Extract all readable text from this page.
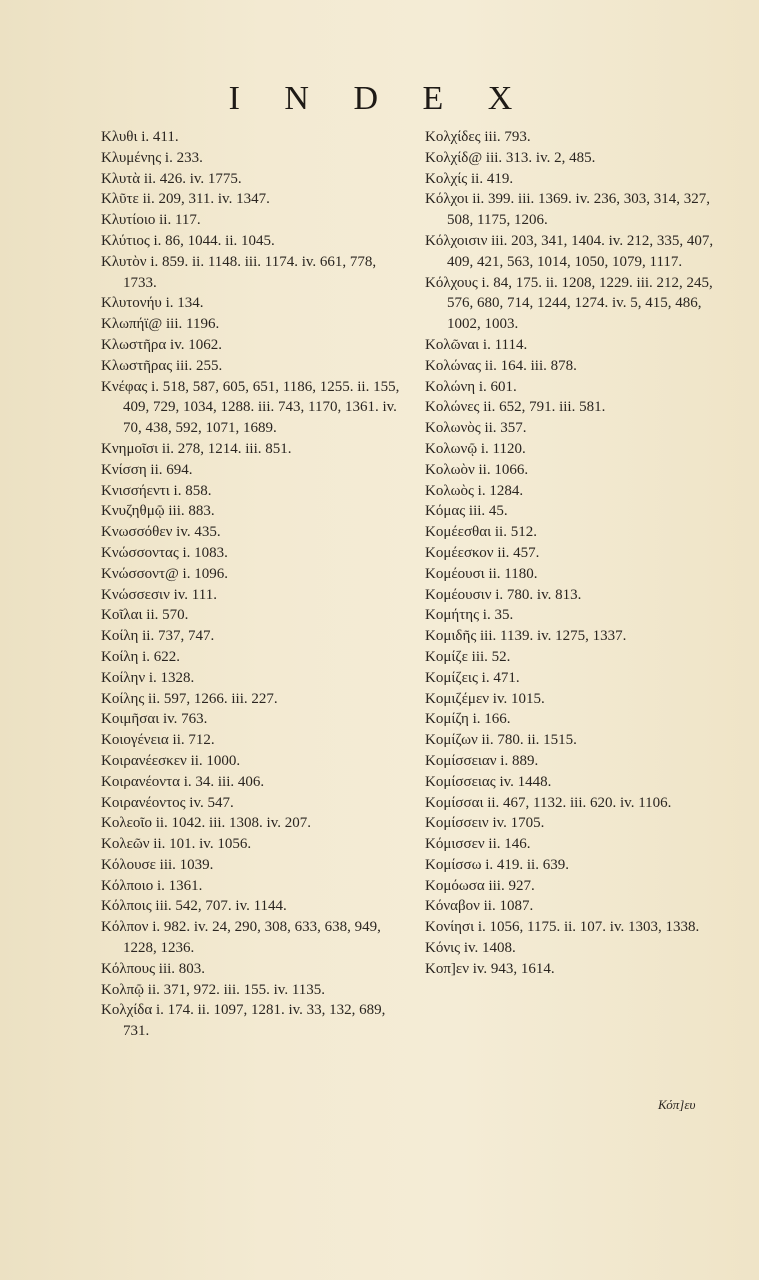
I N D E X

Κλυθι i. 411.

Κλυμένης i. 233.

Κλυτὰ ii. 426. iv. 1775.

Κλῦτε ii. 209, 311. iv. 1347.

Κλυτίοιο ii. 117.

Κλύτιος i. 86, 1044. ii. 1045.

Κλυτὸν i. 859. ii. 1148. iii. 1174. iv. 661, 778, 1733.

Κλυτονήυ i. 134.

Κλωπήϊ@ iii. 1196.

Κλωστῆρα iv. 1062.

Κλωστῆρας iii. 255.

Κνέφας i. 518, 587, 605, 651, 1186, 1255. ii. 155, 409, 729, 1034, 1288. iii. 743, 1170, 1361. iv. 70, 438, 592, 1071, 1689.

Κνημοῖσι ii. 278, 1214. iii. 851.

Κνίσση ii. 694.

Κνισσήεντι i. 858.

Κνυζηθμῷ iii. 883.

Κνωσσόθεν iv. 435.

Κνώσσοντας i. 1083.

Κνώσσοντ@ i. 1096.

Κνώσσεσιν iv. 111.

Κοῖλαι ii. 570.

Κοίλη ii. 737, 747.

Κοίλη i. 622.

Κοίλην i. 1328.

Κοίλης ii. 597, 1266. iii. 227.

Κοιμῆσαι iv. 763.

Κοιογένεια ii. 712.

Κοιρανέεσκεν ii. 1000.

Κοιρανέοντα i. 34. iii. 406.

Κοιρανέοντος iv. 547.

Κολεοῖο ii. 1042. iii. 1308. iv. 207.

Κολεῶν ii. 101. iv. 1056.

Κόλουσε iii. 1039.

Κόλποιο i. 1361.

Κόλποις iii. 542, 707. iv. 1144.

Κόλπον i. 982. iv. 24, 290, 308, 633, 638, 949, 1228, 1236.

Κόλπους iii. 803.

Κολπῷ ii. 371, 972. iii. 155. iv. 1135.

Κολχίδα i. 174. ii. 1097, 1281. iv. 33, 132, 689, 731.

Κολχίδες iii. 793.

Κολχίδ@ iii. 313. iv. 2, 485.

Κολχίς ii. 419.

Κόλχοι ii. 399. iii. 1369. iv. 236, 303, 314, 327, 508, 1175, 1206.

Κόλχοισιν iii. 203, 341, 1404. iv. 212, 335, 407, 409, 421, 563, 1014, 1050, 1079, 1117.

Κόλχους i. 84, 175. ii. 1208, 1229. iii. 212, 245, 576, 680, 714, 1244, 1274. iv. 5, 415, 486, 1002, 1003.

Κολῶναι i. 1114.

Κολώνας ii. 164. iii. 878.

Κολώνη i. 601.

Κολώνες ii. 652, 791. iii. 581.

Κολωνὸς ii. 357.

Κολωνῷ i. 1120.

Κολωὸν ii. 1066.

Κολωὸς i. 1284.

Κόμας iii. 45.

Κομέεσθαι ii. 512.

Κομέεσκον ii. 457.

Κομέουσι ii. 1180.

Κομέουσιν i. 780. iv. 813.

Κομήτης i. 35.

Κομιδῆς iii. 1139. iv. 1275, 1337.

Κομίζε iii. 52.

Κομίζεις i. 471.

Κομιζέμεν iv. 1015.

Κομίζη i. 166.

Κομίζων ii. 780. ii. 1515.

Κομίσσειαν i. 889.

Κομίσσειας iv. 1448.

Κομίσσαι ii. 467, 1132. iii. 620. iv. 1106.

Κομίσσειν iv. 1705.

Κόμισσεν ii. 146.

Κομίσσω i. 419. ii. 639.

Κομόωσα iii. 927.

Κόναβον ii. 1087.

Κονίησι i. 1056, 1175. ii. 107. iv. 1303, 1338.

Κόνις iv. 1408.

Κοπ]εν iv. 943, 1614.

Κόπ]ευ
